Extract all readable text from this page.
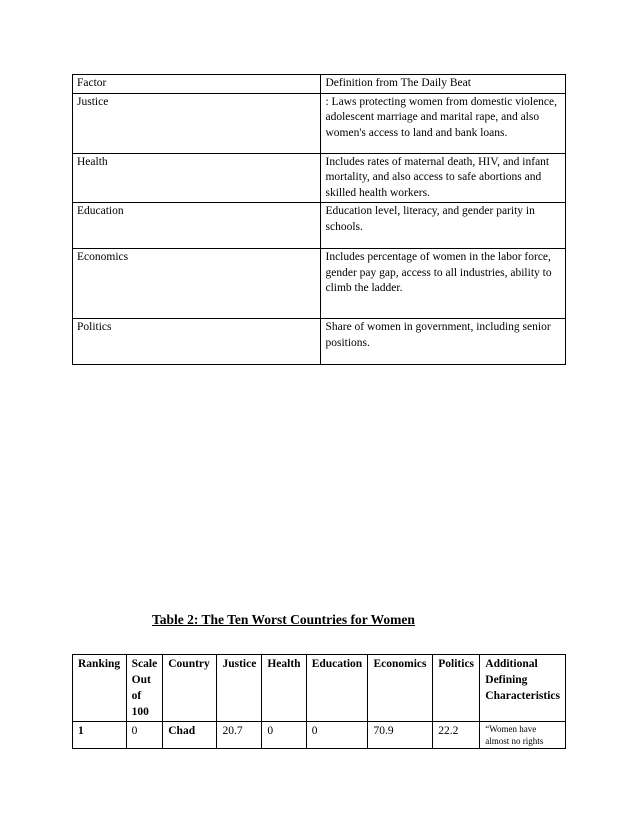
Factor	Definition from The Daily Beat
Justice	: Laws protecting women from domestic violence, adolescent marriage and marital rape, and also women's access to land and bank loans.
Health	Includes rates of maternal death, HIV, and infant mortality, and also access to safe abortions and skilled health workers.
Education	Education level, literacy, and gender parity in schools.
Economics	Includes percentage of women in the labor force, gender pay gap, access to all industries, ability to climb the ladder.
Politics	Share of women in government, including senior positions.
Table 2: The Ten Worst Countries for Women
Ranking	Scale Out of 100	Country	Justice	Health	Education	Economics	Politics	Additional Defining Characteristics
1	0	Chad	20.7	0	0	70.9	22.2	“Women have almost no rights
